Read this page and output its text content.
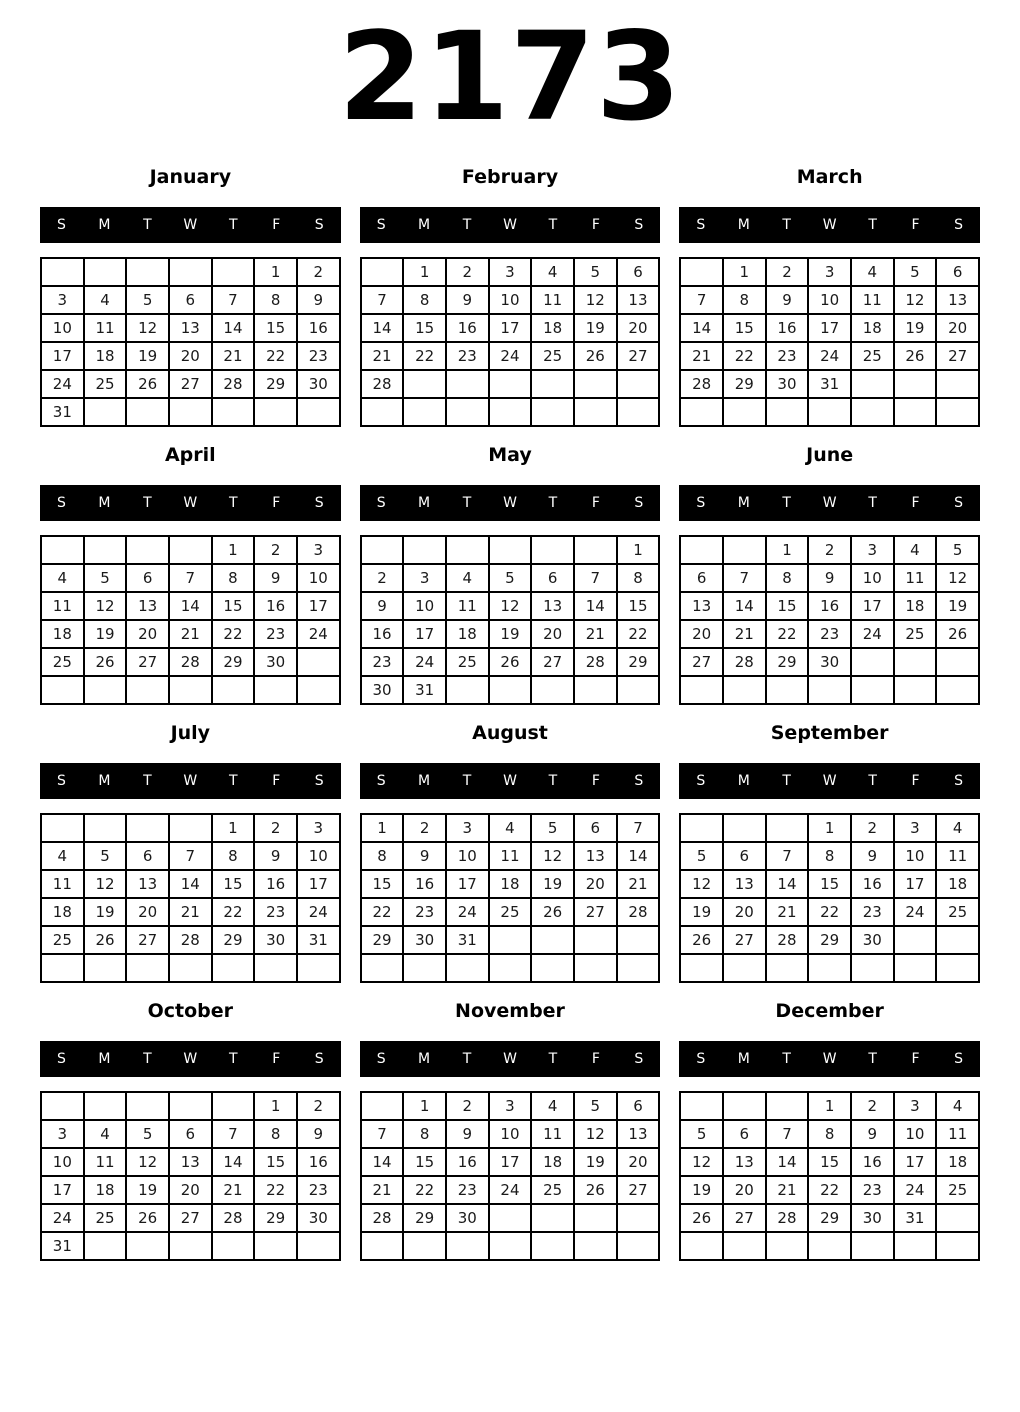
2173
January
S	M	T	W	T	F	S
					1	2
3	4	5	6	7	8	9
10	11	12	13	14	15	16
17	18	19	20	21	22	23
24	25	26	27	28	29	30
31						
February
S	M	T	W	T	F	S
	1	2	3	4	5	6
7	8	9	10	11	12	13
14	15	16	17	18	19	20
21	22	23	24	25	26	27
28						

March
S	M	T	W	T	F	S
	1	2	3	4	5	6
7	8	9	10	11	12	13
14	15	16	17	18	19	20
21	22	23	24	25	26	27
28	29	30	31			

April
S	M	T	W	T	F	S
				1	2	3
4	5	6	7	8	9	10
11	12	13	14	15	16	17
18	19	20	21	22	23	24
25	26	27	28	29	30	

May
S	M	T	W	T	F	S
						1
2	3	4	5	6	7	8
9	10	11	12	13	14	15
16	17	18	19	20	21	22
23	24	25	26	27	28	29
30	31					
June
S	M	T	W	T	F	S
		1	2	3	4	5
6	7	8	9	10	11	12
13	14	15	16	17	18	19
20	21	22	23	24	25	26
27	28	29	30			

July
S	M	T	W	T	F	S
				1	2	3
4	5	6	7	8	9	10
11	12	13	14	15	16	17
18	19	20	21	22	23	24
25	26	27	28	29	30	31

August
S	M	T	W	T	F	S
1	2	3	4	5	6	7
8	9	10	11	12	13	14
15	16	17	18	19	20	21
22	23	24	25	26	27	28
29	30	31				

September
S	M	T	W	T	F	S
			1	2	3	4
5	6	7	8	9	10	11
12	13	14	15	16	17	18
19	20	21	22	23	24	25
26	27	28	29	30		

October
S	M	T	W	T	F	S
					1	2
3	4	5	6	7	8	9
10	11	12	13	14	15	16
17	18	19	20	21	22	23
24	25	26	27	28	29	30
31						
November
S	M	T	W	T	F	S
	1	2	3	4	5	6
7	8	9	10	11	12	13
14	15	16	17	18	19	20
21	22	23	24	25	26	27
28	29	30				

December
S	M	T	W	T	F	S
			1	2	3	4
5	6	7	8	9	10	11
12	13	14	15	16	17	18
19	20	21	22	23	24	25
26	27	28	29	30	31	
